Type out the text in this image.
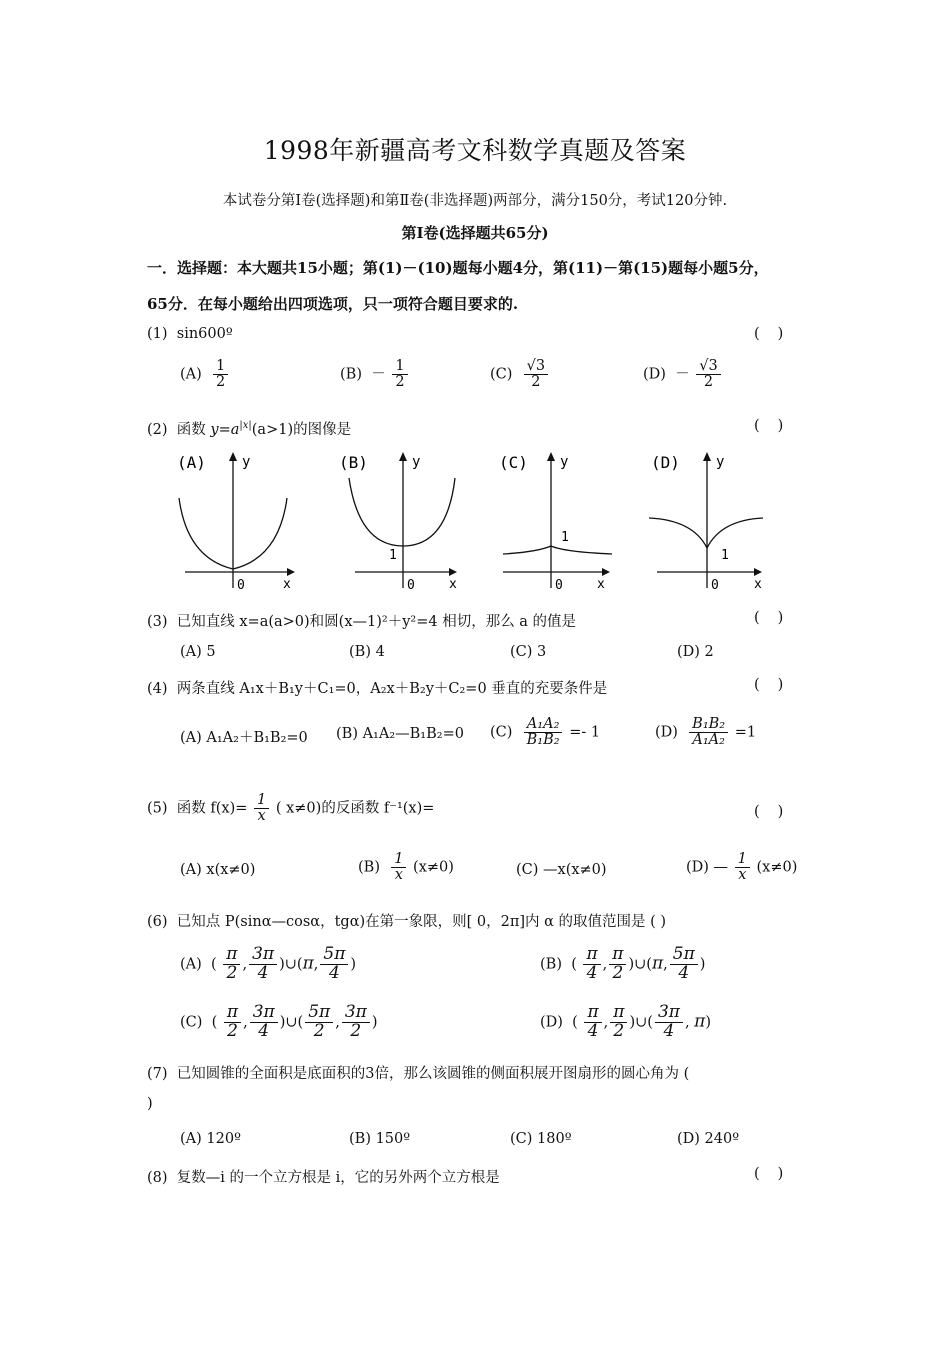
1998年新疆高考文科数学真题及答案
本试卷分第Ⅰ卷(选择题)和第Ⅱ卷(非选择题)两部分，满分150分，考试120分钟.
第Ⅰ卷(选择题共65分)
一．选择题：本大题共15小题；第(1)－(10)题每小题4分，第(11)－第(15)题每小题5分，
65分．在每小题给出四项选项，只一项符合题目要求的.
(1) sin600º	()
$(A) \frac{1}{2}$	$(B) - \frac{1}{2}$	$(C) \frac{√3}{2}$	$(D) - \frac{√3}{2}$
(2) 函数 $y=a^{|x|}(a>1)$的图像是	()
(A)	y
0	x
(B)	y
1
0	x
(C) y
1
0	x
(D)	y
1
0	x
(3) 已知直线 x=a(a>0)和圆(x—1)²＋y²=4 相切，那么 a 的值是	()
(A) 5	(B) 4	(C) 3	(D) 2
(4) 两条直线 A₁x＋B₁y＋C₁=0，A₂x＋B₂y＋C₂=0 垂直的充要条件是	()
(A) A₁A₂＋B₁B₂=0 (B) A₁A₂—B₁B₂=0 $(C) \frac{\text{A₁A₂}}{\text{B₁B₂}} =- 1$	$(D) \frac{\text{B₁B₂}}{\text{A₁A₂}} =1$
(5) 函数 $f(x)= \frac{1}{x}$ ( x≠0)的反函数 f⁻¹(x)=	()
(A) x(x≠0)	$(B) \frac{1}{x} (x\ne 0)$	(C) —x(x≠0)	(D) — $\frac{1}{x} (x\ne 0)$
(6) 已知点 P(sinα—cosα，tgα)在第一象限，则[ 0，2π]内 α 的取值范围是 ( )
(A) ( $\frac{\pi}{2}$ , $\frac{3\pi}{4}$ )∪(π, $\frac{5\pi}{4}$ )	(B) ( $\frac{\pi}{4}$ , $\frac{\pi}{2}$ )∪(π, $\frac{5\pi}{4}$ )
(C) ( $\frac{\pi}{2}$ , $\frac{3\pi}{4}$ )∪( $\frac{5\pi}{2}$ , $\frac{3\pi}{2}$ )	(D) ( $\frac{\pi}{4}$ , $\frac{\pi}{2}$ )∪( $\frac{3\pi}{4}$ , π)
(7) 已知圆锥的全面积是底面积的3倍，那么该圆锥的侧面积展开图扇形的圆心角为 (
)
(A) 120º	(B) 150º	(C) 180º	(D) 240º
(8) 复数—i 的一个立方根是 i，它的另外两个立方根是	()
